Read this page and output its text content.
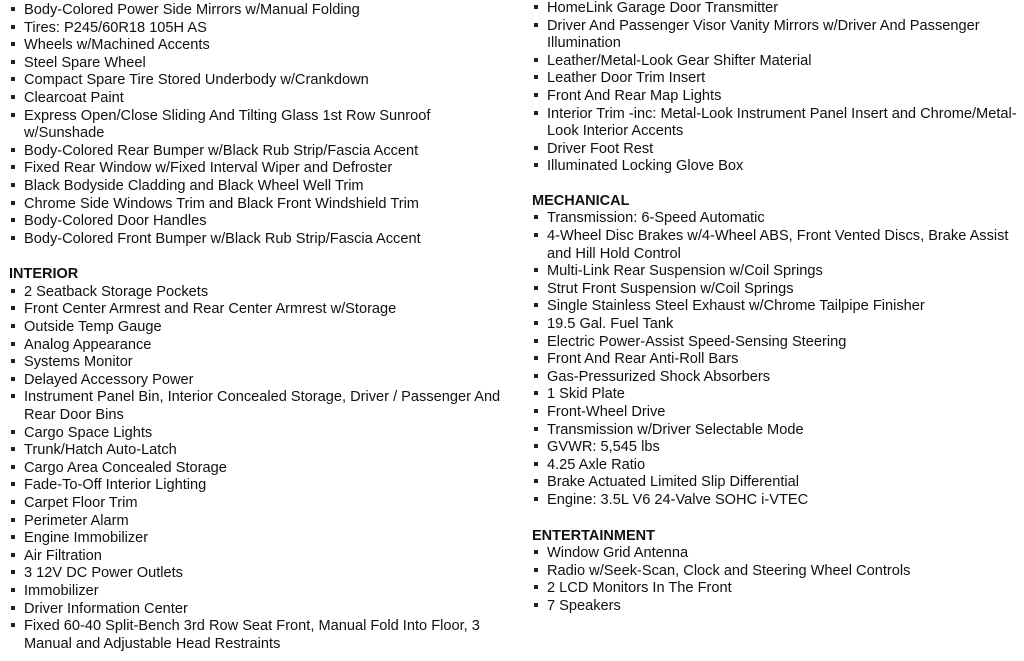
Body-Colored Power Side Mirrors w/Manual Folding
Tires: P245/60R18 105H AS
Wheels w/Machined Accents
Steel Spare Wheel
Compact Spare Tire Stored Underbody w/Crankdown
Clearcoat Paint
Express Open/Close Sliding And Tilting Glass 1st Row Sunroof w/Sunshade
Body-Colored Rear Bumper w/Black Rub Strip/Fascia Accent
Fixed Rear Window w/Fixed Interval Wiper and Defroster
Black Bodyside Cladding and Black Wheel Well Trim
Chrome Side Windows Trim and Black Front Windshield Trim
Body-Colored Door Handles
Body-Colored Front Bumper w/Black Rub Strip/Fascia Accent
INTERIOR
2 Seatback Storage Pockets
Front Center Armrest and Rear Center Armrest w/Storage
Outside Temp Gauge
Analog Appearance
Systems Monitor
Delayed Accessory Power
Instrument Panel Bin, Interior Concealed Storage, Driver / Passenger And Rear Door Bins
Cargo Space Lights
Trunk/Hatch Auto-Latch
Cargo Area Concealed Storage
Fade-To-Off Interior Lighting
Carpet Floor Trim
Perimeter Alarm
Engine Immobilizer
Air Filtration
3 12V DC Power Outlets
Immobilizer
Driver Information Center
Fixed 60-40 Split-Bench 3rd Row Seat Front, Manual Fold Into Floor, 3 Manual and Adjustable Head Restraints
HomeLink Garage Door Transmitter
Driver And Passenger Visor Vanity Mirrors w/Driver And Passenger Illumination
Leather/Metal-Look Gear Shifter Material
Leather Door Trim Insert
Front And Rear Map Lights
Interior Trim -inc: Metal-Look Instrument Panel Insert and Chrome/Metal-Look Interior Accents
Driver Foot Rest
Illuminated Locking Glove Box
MECHANICAL
Transmission: 6-Speed Automatic
4-Wheel Disc Brakes w/4-Wheel ABS, Front Vented Discs, Brake Assist and Hill Hold Control
Multi-Link Rear Suspension w/Coil Springs
Strut Front Suspension w/Coil Springs
Single Stainless Steel Exhaust w/Chrome Tailpipe Finisher
19.5 Gal. Fuel Tank
Electric Power-Assist Speed-Sensing Steering
Front And Rear Anti-Roll Bars
Gas-Pressurized Shock Absorbers
1 Skid Plate
Front-Wheel Drive
Transmission w/Driver Selectable Mode
GVWR: 5,545 lbs
4.25 Axle Ratio
Brake Actuated Limited Slip Differential
Engine: 3.5L V6 24-Valve SOHC i-VTEC
ENTERTAINMENT
Window Grid Antenna
Radio w/Seek-Scan, Clock and Steering Wheel Controls
2 LCD Monitors In The Front
7 Speakers
